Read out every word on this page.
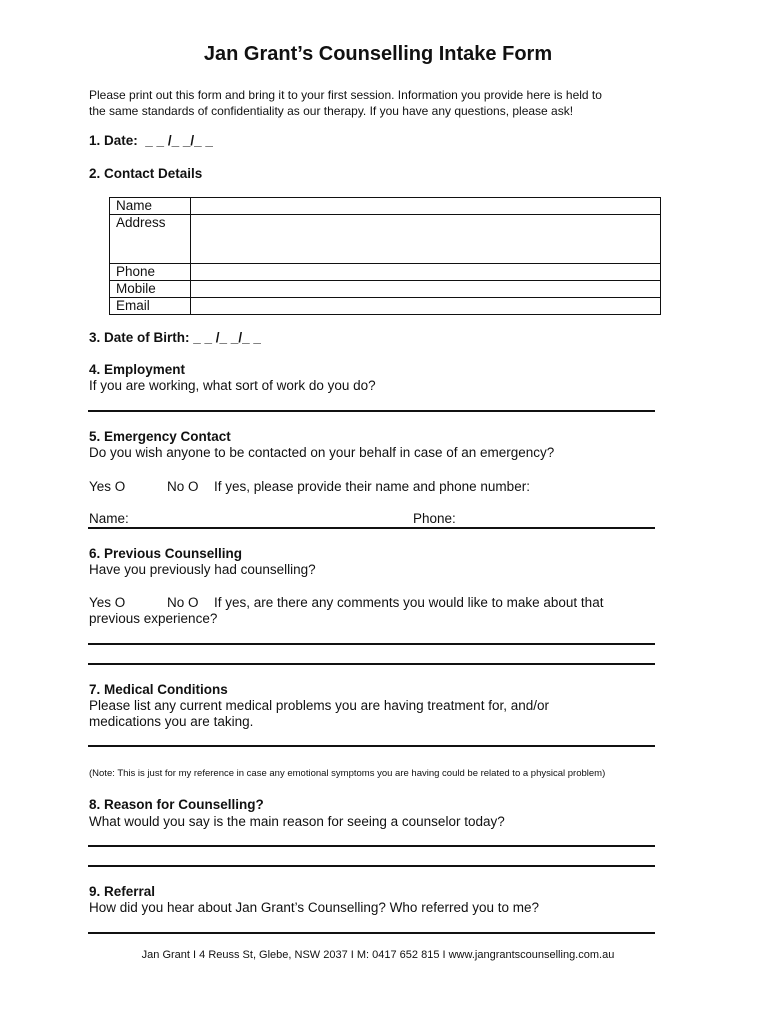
Jan Grant’s Counselling Intake Form
Please print out this form and bring it to your first session. Information you provide here is held to
the same standards of confidentiality as our therapy. If you have any questions, please ask!
1. Date: _ _ /_ _/_ _
2. Contact Details
Name	
Address	
Phone	
Mobile	
Email	
3. Date of Birth: _ _ /_ _/_ _
4. Employment
If you are working, what sort of work do you do?
5. Emergency Contact
Do you wish anyone to be contacted on your behalf in case of an emergency?
Yes O	No O If yes, please provide their name and phone number:
Name:	Phone:
6. Previous Counselling
Have you previously had counselling?
Yes O	No O If yes, are there any comments you would like to make about that
previous experience?
7. Medical Conditions
Please list any current medical problems you are having treatment for, and/or
medications you are taking.
(Note: This is just for my reference in case any emotional symptoms you are having could be related to a physical problem)
8. Reason for Counselling?
What would you say is the main reason for seeing a counselor today?
9. Referral
How did you hear about Jan Grant’s Counselling? Who referred you to me?
Jan Grant I 4 Reuss St, Glebe, NSW 2037 I M: 0417 652 815 I www.jangrantscounselling.com.au
